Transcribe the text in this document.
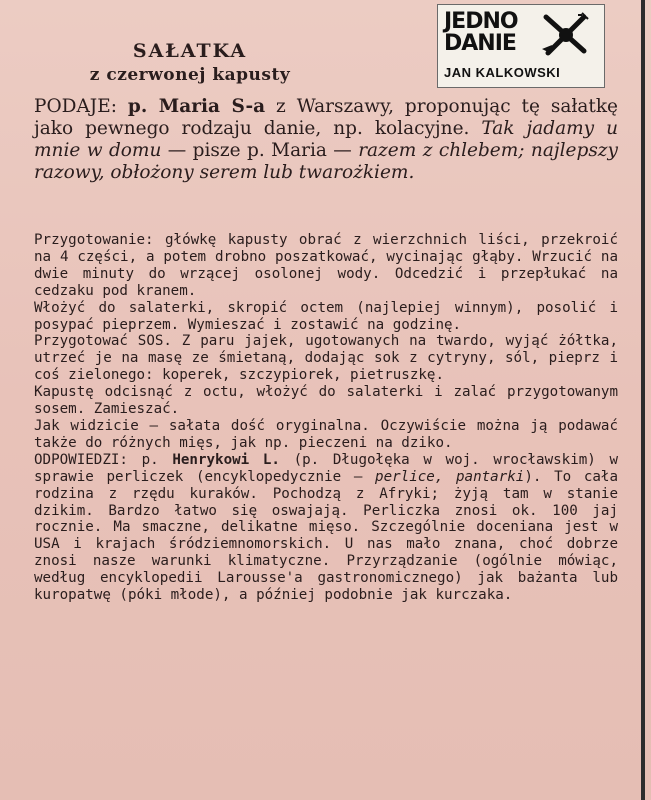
JEDNO
DANIE
JAN KALKOWSKI

SAŁATKA

z czerwonej kapusty

PODAJE: p. Maria S-a z Warszawy, proponując tę sałatkę jako pewnego rodzaju danie, np. kolacyjne. Tak jadamy u mnie w domu — pisze p. Maria — razem z chlebem; najlepszy razowy, obłożony serem lub twarożkiem.

Przygotowanie: główkę kapusty obrać z wierzchnich liści, przekroić na 4 części, a potem drobno poszatkować, wycinając głąby. Wrzucić na dwie minuty do wrzącej osolonej wody. Odcedzić i przepłukać na cedzaku pod kranem.

Włożyć do salaterki, skropić octem (najlepiej winnym), posolić i posypać pieprzem. Wymieszać i zostawić na godzinę.

Przygotować SOS. Z paru jajek, ugotowanych na twardo, wyjąć żółtka, utrzeć je na masę ze śmietaną, dodając sok z cytryny, sól, pieprz i coś zielonego: koperek, szczypiorek, pietruszkę.

Kapustę odcisnąć z octu, włożyć do salaterki i zalać przygotowanym sosem. Zamieszać.

Jak widzicie — sałata dość oryginalna. Oczywiście można ją podawać także do różnych mięs, jak np. pieczeni na dziko.

ODPOWIEDZI: p. Henrykowi L. (p. Długołęka w woj. wrocławskim) w sprawie perliczek (encyklopedycznie — perlice, pantarki). To cała rodzina z rzędu kuraków. Pochodzą z Afryki; żyją tam w stanie dzikim. Bardzo łatwo się oswajają. Perliczka znosi ok. 100 jaj rocznie. Ma smaczne, delikatne mięso. Szczególnie doceniana jest w USA i krajach śródziemnomorskich. U nas mało znana, choć dobrze znosi nasze warunki klimatyczne. Przyrządzanie (ogólnie mówiąc, według encyklopedii Larousse'a gastronomicznego) jak bażanta lub kuropatwę (póki młode), a później podobnie jak kurczaka.
